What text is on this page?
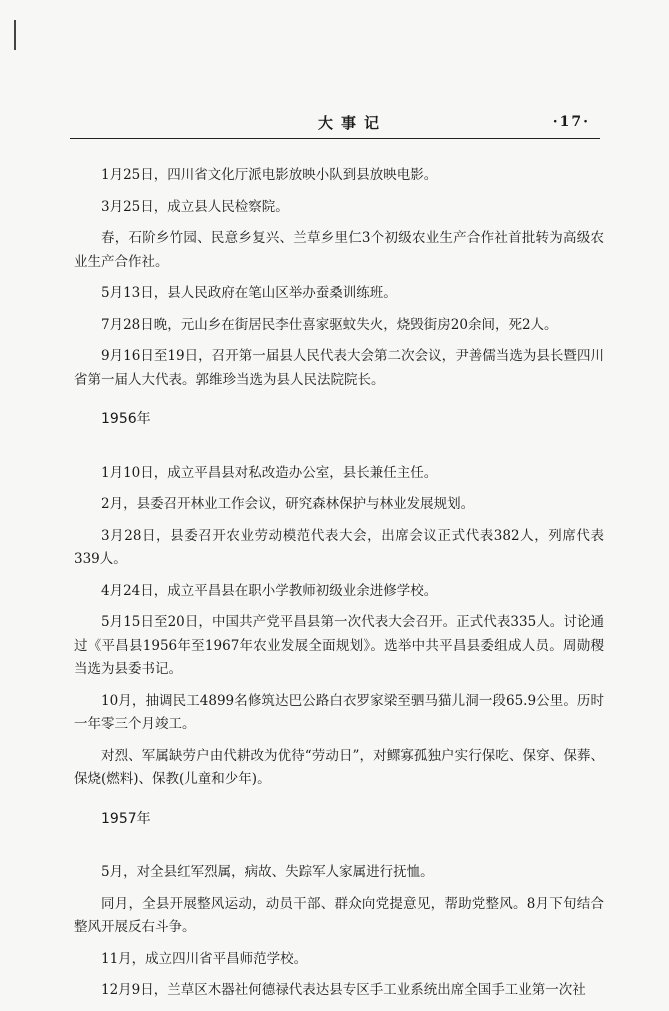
大事记	·17·

1月25日，四川省文化厅派电影放映小队到县放映电影。

3月25日，成立县人民检察院。

春，石阶乡竹园、民意乡复兴、兰草乡里仁3个初级农业生产合作社首批转为高级农业生产合作社。

5月13日，县人民政府在笔山区举办蚕桑训练班。

7月28日晚，元山乡在街居民李仕喜家驱蚊失火，烧毁街房20余间，死2人。

9月16日至19日，召开第一届县人民代表大会第二次会议，尹善儒当选为县长暨四川省第一届人大代表。郭维珍当选为县人民法院院长。

1956年

1月10日，成立平昌县对私改造办公室，县长兼任主任。

2月，县委召开林业工作会议，研究森林保护与林业发展规划。

3月28日，县委召开农业劳动模范代表大会，出席会议正式代表382人，列席代表339人。

4月24日，成立平昌县在职小学教师初级业余进修学校。

5月15日至20日，中国共产党平昌县第一次代表大会召开。正式代表335人。讨论通过《平昌县1956年至1967年农业发展全面规划》。选举中共平昌县委组成人员。周勋稷当选为县委书记。

10月，抽调民工4899名修筑达巴公路白衣罗家梁至驷马猫儿洞一段65.9公里。历时一年零三个月竣工。

对烈、军属缺劳户由代耕改为优待“劳动日”，对鳏寡孤独户实行保吃、保穿、保葬、保烧(燃料)、保教(儿童和少年)。

1957年

5月，对全县红军烈属，病故、失踪军人家属进行抚恤。

同月，全县开展整风运动，动员干部、群众向党提意见，帮助党整风。8月下旬结合整风开展反右斗争。

11月，成立四川省平昌师范学校。

12月9日，兰草区木器社何德禄代表达县专区手工业系统出席全国手工业第一次社
